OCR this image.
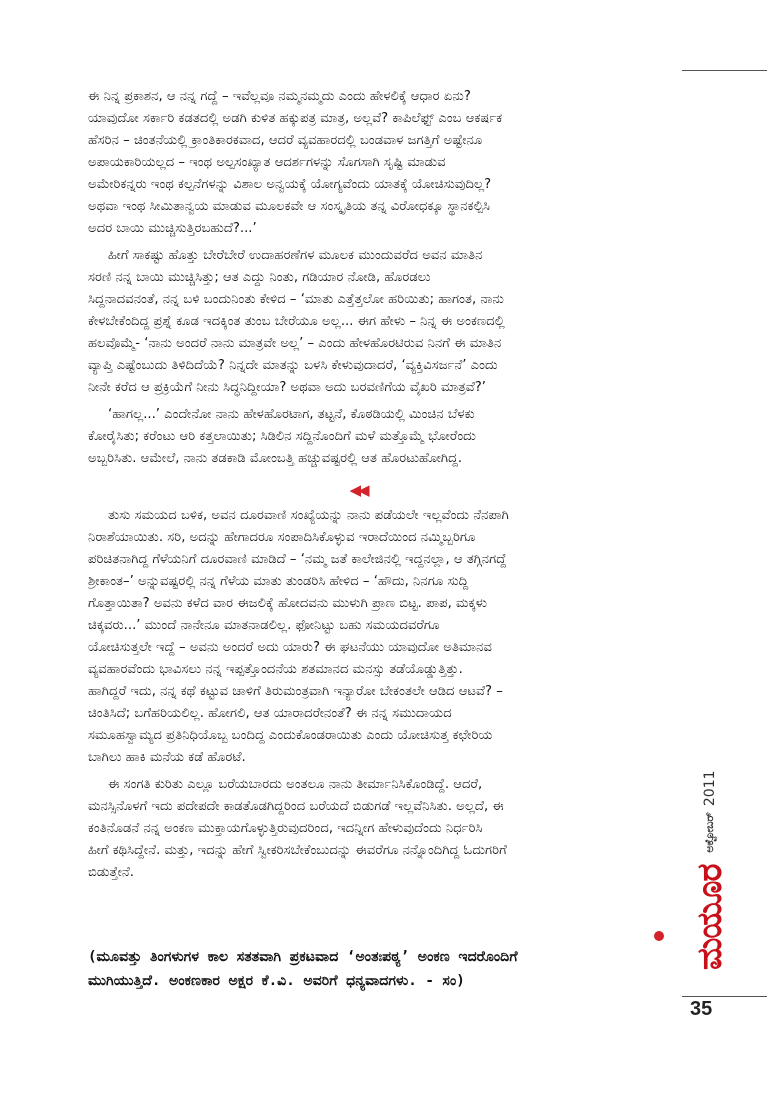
ಈ ನಿನ್ನ ಪ್ರಕಾಶನ, ಆ ನನ್ನ ಗದ್ದೆ – ಇವೆಲ್ಲವೂ ನಮ್ಮನಮ್ಮದು ಎಂದು ಹೇಳಲಿಕ್ಕೆ ಆಧಾರ ಏನು?
ಯಾವುದೋ ಸರ್ಕಾರಿ ಕಡತದಲ್ಲಿ ಅಡಗಿ ಕುಳಿತ ಹಕ್ಕುಪತ್ರ ಮಾತ್ರ, ಅಲ್ಲವೆ? ಕಾಪಿಲೆಫ್ಟ್ ಎಂಬ ಆಕರ್ಷಕ
ಹೆಸರಿನ – ಚಿಂತನೆಯಲ್ಲಿ ಕ್ರಾಂತಿಕಾರಕವಾದ, ಆದರೆ ವ್ಯವಹಾರದಲ್ಲಿ ಬಂಡವಾಳ ಜಗತ್ತಿಗೆ ಅಷ್ಟೇನೂ
ಅಪಾಯಕಾರಿಯಲ್ಲದ – ಇಂಥ ಅಲ್ಪಸಂಖ್ಯಾತ ಆದರ್ಶಗಳನ್ನು ಸೊಗಸಾಗಿ ಸೃಷ್ಟಿ ಮಾಡುವ
ಅಮೇರಿಕನ್ನರು ಇಂಥ ಕಲ್ಪನೆಗಳನ್ನು ವಿಶಾಲ ಅನ್ವಯಕ್ಕೆ ಯೋಗ್ಯವೆಂದು ಯಾತಕ್ಕೆ ಯೋಚಿಸುವುದಿಲ್ಲ?
ಅಥವಾ ಇಂಥ ಸೀಮಿತಾನ್ವಯ ಮಾಡುವ ಮೂಲಕವೇ ಆ ಸಂಸ್ಕೃತಿಯ ತನ್ನ ವಿರೋಧಕ್ಕೂ ಸ್ಥಾನಕಲ್ಪಿಸಿ
ಅದರ ಬಾಯಿ ಮುಚ್ಚಿಸುತ್ತಿರಬಹುದೆ?...’
ಹೀಗೆ ಸಾಕಷ್ಟು ಹೊತ್ತು ಬೇರೆಬೇರೆ ಉದಾಹರಣೆಗಳ ಮೂಲಕ ಮುಂದುವರೆದ ಅವನ ಮಾತಿನ
ಸರಣಿ ನನ್ನ ಬಾಯಿ ಮುಚ್ಚಿಸಿತ್ತು; ಆತ ಎದ್ದು ನಿಂತು, ಗಡಿಯಾರ ನೋಡಿ, ಹೊರಡಲು
ಸಿದ್ದನಾದವನಂತೆ, ನನ್ನ ಬಳಿ ಬಂದುನಿಂತು ಕೇಳಿದ – ‘ಮಾತು ಎತ್ತೆತ್ತಲೋ ಹರಿಯಿತು; ಹಾಗಂತ, ನಾನು
ಕೇಳಬೇಕೆಂದಿದ್ದ ಪ್ರಶ್ನೆ ಕೂಡ ಇದಕ್ಕಿಂತ ತುಂಬ ಬೇರೆಯೂ ಅಲ್ಲ... ಈಗ ಹೇಳು – ನಿನ್ನ ಈ ಅಂಕಣದಲ್ಲಿ
ಹಲವೊಮ್ಮೆ- ‘ನಾನು ಅಂದರೆ ನಾನು ಮಾತ್ರವೇ ಅಲ್ಲ’ – ಎಂದು ಹೇಳಹೊರಟಿರುವ ನಿನಗೆ ಈ ಮಾತಿನ
ವ್ಯಾಪ್ತಿ ಎಷ್ಟೆಂಬುದು ತಿಳಿದಿದೆಯೆ? ನಿನ್ನದೇ ಮಾತನ್ನು ಬಳಸಿ ಕೇಳುವುದಾದರೆ, ‘ವ್ಯಕ್ತಿವಿಸರ್ಜನೆ’ ಎಂದು
ನೀನೇ ಕರೆದ ಆ ಪ್ರಕ್ರಿಯೆಗೆ ನೀನು ಸಿದ್ಧನಿದ್ದೀಯಾ? ಅಥವಾ ಅದು ಬರವಣಿಗೆಯ ವೈಖರಿ ಮಾತ್ರವೆ?’
‘ಹಾಗಲ್ಲ...’ ಎಂದೇನೋ ನಾನು ಹೇಳಹೊರಟಾಗ, ತಟ್ಟನೆ, ಕೊಠಡಿಯಲ್ಲಿ ಮಿಂಚಿನ ಬೆಳಕು
ಕೋರೈಸಿತು; ಕರೆಂಟು ಆರಿ ಕತ್ತಲಾಯಿತು; ಸಿಡಿಲಿನ ಸದ್ದಿನೊಂದಿಗೆ ಮಳೆ ಮತ್ತೊಮ್ಮೆ ಭೋರೆಂದು
ಅಬ್ಬರಿಸಿತು. ಆಮೇಲೆ, ನಾನು ತಡಕಾಡಿ ಮೋಂಬತ್ತಿ ಹಚ್ಚುವಷ್ಟರಲ್ಲಿ ಆತ ಹೊರಟುಹೋಗಿದ್ದ.
◀◀
ತುಸು ಸಮಯದ ಬಳಿಕ, ಅವನ ದೂರವಾಣಿ ಸಂಖ್ಯೆಯನ್ನು ನಾನು ಪಡೆಯಲೇ ಇಲ್ಲವೆಂದು ನೆನಪಾಗಿ
ನಿರಾಶೆಯಾಯಿತು. ಸರಿ, ಅದನ್ನು ಹೇಗಾದರೂ ಸಂಪಾದಿಸಿಕೊಳ್ಳುವ ಇರಾದೆಯಿಂದ ನಮ್ಮಿಬ್ಬರಿಗೂ
ಪರಿಚಿತನಾಗಿದ್ದ ಗೆಳೆಯನಿಗೆ ದೂರವಾಣಿ ಮಾಡಿದೆ – ‘ನಮ್ಮ ಜತೆ ಕಾಲೇಜಿನಲ್ಲಿ ಇದ್ದನಲ್ಲಾ, ಆ ತಗ್ಗಿನಗದ್ದೆ
ಶ್ರೀಕಾಂತ–’ ಅನ್ನುವಷ್ಟರಲ್ಲಿ ನನ್ನ ಗೆಳೆಯ ಮಾತು ತುಂಡರಿಸಿ ಹೇಳಿದ – ‘ಹೌದು, ನಿನಗೂ ಸುದ್ದಿ
ಗೊತ್ತಾಯಿತಾ? ಅವನು ಕಳೆದ ವಾರ ಈಜಲಿಕ್ಕೆ ಹೋದವನು ಮುಳುಗಿ ಪ್ರಾಣ ಬಿಟ್ಟ. ಪಾಪ, ಮಕ್ಕಳು
ಚಿಕ್ಕವರು...’ ಮುಂದೆ ನಾನೇನೂ ಮಾತನಾಡಲಿಲ್ಲ. ಫೋನಿಟ್ಟು ಬಹು ಸಮಯದವರೆಗೂ
ಯೋಚಿಸುತ್ತಲೇ ಇದ್ದೆ – ಅವನು ಅಂದರೆ ಅದು ಯಾರು? ಈ ಘಟನೆಯು ಯಾವುದೋ ಅತಿಮಾನವ
ವ್ಯವಹಾರವೆಂದು ಭಾವಿಸಲು ನನ್ನ ಇಪ್ಪತ್ತೊಂದನೆಯ ಶತಮಾನದ ಮನಸ್ಸು ತಡೆಯೊಡ್ಡುತ್ತಿತ್ತು.
ಹಾಗಿದ್ದರೆ ಇದು, ನನ್ನ ಕಥೆ ಕಟ್ಟುವ ಚಾಳಿಗೆ ತಿರುಮಂತ್ರವಾಗಿ ಇನ್ಯಾರೋ ಬೇಕಂತಲೇ ಆಡಿದ ಆಟವೆ? –
ಚಿಂತಿಸಿದೆ; ಬಗೆಹರಿಯಲಿಲ್ಲ. ಹೋಗಲಿ, ಆತ ಯಾರಾದರೇನಂತೆ? ಈ ನನ್ನ ಸಮುದಾಯದ
ಸಮೂಹಸ್ವಾಮ್ಯದ ಪ್ರತಿನಿಧಿಯೊಬ್ಬ ಬಂದಿದ್ದ ಎಂದುಕೊಂಡರಾಯಿತು ಎಂದು ಯೋಚಿಸುತ್ತ ಕಛೇರಿಯ
ಬಾಗಿಲು ಹಾಕಿ ಮನೆಯ ಕಡೆ ಹೊರಟೆ.
ಈ ಸಂಗತಿ ಕುರಿತು ಎಲ್ಲೂ ಬರೆಯಬಾರದು ಅಂತಲೂ ನಾನು ತೀರ್ಮಾನಿಸಿಕೊಂಡಿದ್ದೆ. ಆದರೆ,
ಮನಸ್ಸಿನೊಳಗೆ ಇದು ಪದೇಪದೇ ಕಾಡತೊಡಗಿದ್ದರಿಂದ ಬರೆಯದೆ ಬಿಡುಗಡೆ ಇಲ್ಲವೆನಿಸಿತು. ಅಲ್ಲದೆ, ಈ
ಕಂತಿನೊಡನೆ ನನ್ನ ಅಂಕಣ ಮುಕ್ತಾಯಗೊಳ್ಳುತ್ತಿರುವುದರಿಂದ, ಇದನ್ನೀಗ ಹೇಳುವುದೆಂದು ನಿರ್ಧರಿಸಿ
ಹೀಗೆ ಕಥಿಸಿದ್ದೇನೆ. ಮತ್ತು, ಇದನ್ನು ಹೇಗೆ ಸ್ವೀಕರಿಸಬೇಕೆಂಬುದನ್ನು ಈವರೆಗೂ ನನ್ನೊಂದಿಗಿದ್ದ ಓದುಗರಿಗೆ
ಬಿಡುತ್ತೇನೆ.
(ಮೂವತ್ತು ತಿಂಗಳುಗಳ ಕಾಲ ಸತತವಾಗಿ ಪ್ರಕಟವಾದ ‘ಅಂತಃಪಠ್ಯ’ ಅಂಕಣ ಇದರೊಂದಿಗೆ
ಮುಗಿಯುತ್ತಿದೆ. ಅಂಕಣಕಾರ ಅಕ್ಷರ ಕೆ.ವಿ. ಅವರಿಗೆ ಧನ್ಯವಾದಗಳು. - ಸಂ)
ಮಯೂರ
ಅಕ್ಟೋಬರ್
2011
35
